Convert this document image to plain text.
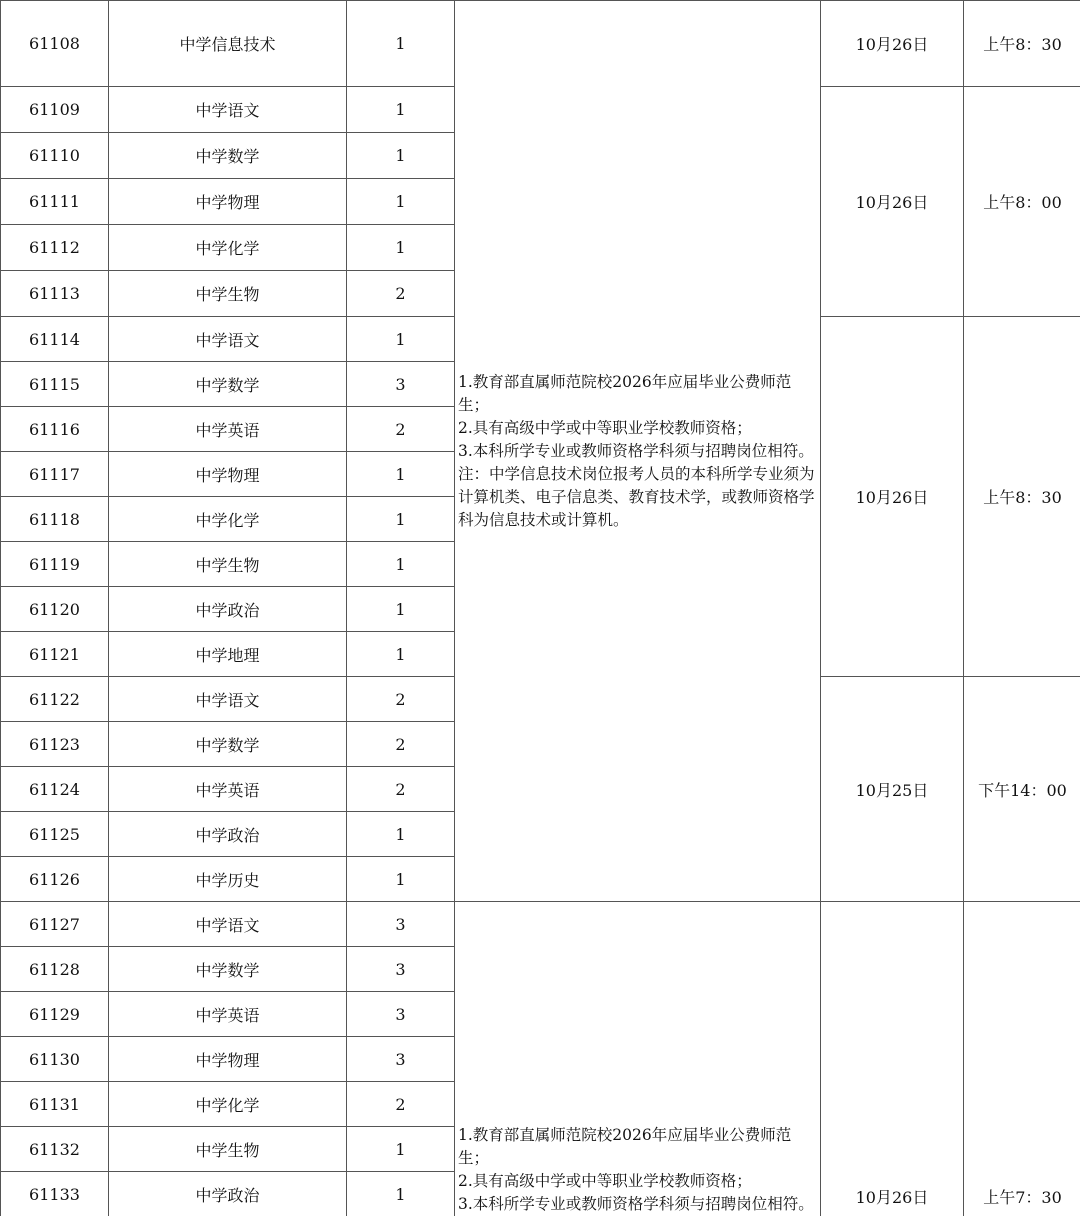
61108	中学信息技术	1	1.教育部直属师范院校2026年应届毕业公费师范生；
2.具有高级中学或中等职业学校教师资格；
3.本科所学专业或教师资格学科须与招聘岗位相符。
注：中学信息技术岗位报考人员的本科所学专业须为计算机类、电子信息类、教育技术学，或教师资格学科为信息技术或计算机。	10月26日	上午8：30
61109	中学语文	1		10月26日	上午8：00
61110	中学数学	1			
61111	中学物理	1			
61112	中学化学	1			
61113	中学生物	2			
61114	中学语文	1		10月26日	上午8：30
61115	中学数学	3			
61116	中学英语	2			
61117	中学物理	1			
61118	中学化学	1			
61119	中学生物	1			
61120	中学政治	1			
61121	中学地理	1			
61122	中学语文	2		10月25日	下午14：00
61123	中学数学	2			
61124	中学英语	2			
61125	中学政治	1			
61126	中学历史	1			
61127	中学语文	3	1.教育部直属师范院校2026年应届毕业公费师范生；
2.具有高级中学或中等职业学校教师资格；
3.本科所学专业或教师资格学科须与招聘岗位相符。	10月26日	上午7：30
61128	中学数学	3			
61129	中学英语	3			
61130	中学物理	3			
61131	中学化学	2			
61132	中学生物	1			
61133	中学政治	1			
